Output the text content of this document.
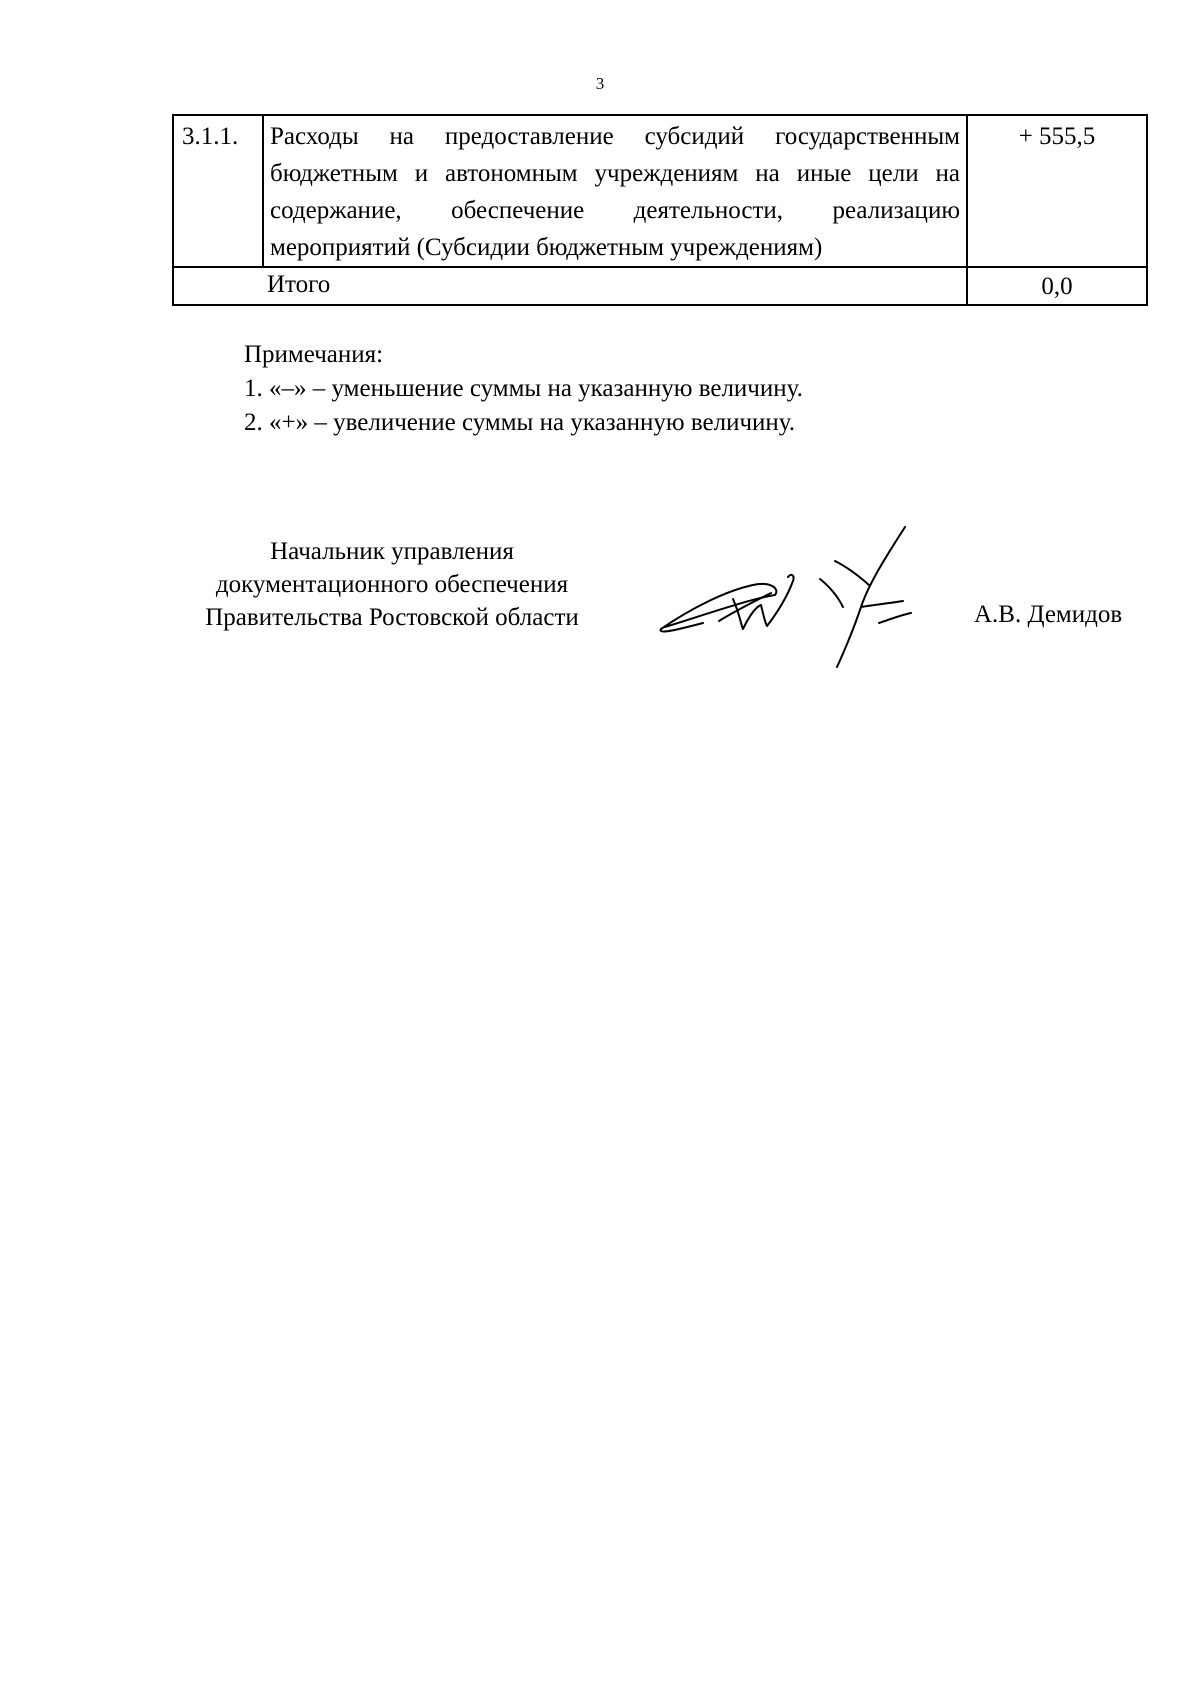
3
3.1.1.	Расходы на предоставление субсидий государственным бюджетным и автономным учреждениям на иные цели на содержание, обеспечение деятельности, реализацию мероприятий (Субсидии бюджетным учреждениям)	+ 555,5
Итого		0,0
Примечания:
1. «–» – уменьшение суммы на указанную величину.
2. «+» – увеличение суммы на указанную величину.
Начальник управления
документационного обеспечения
Правительства Ростовской области	А.В. Демидов
